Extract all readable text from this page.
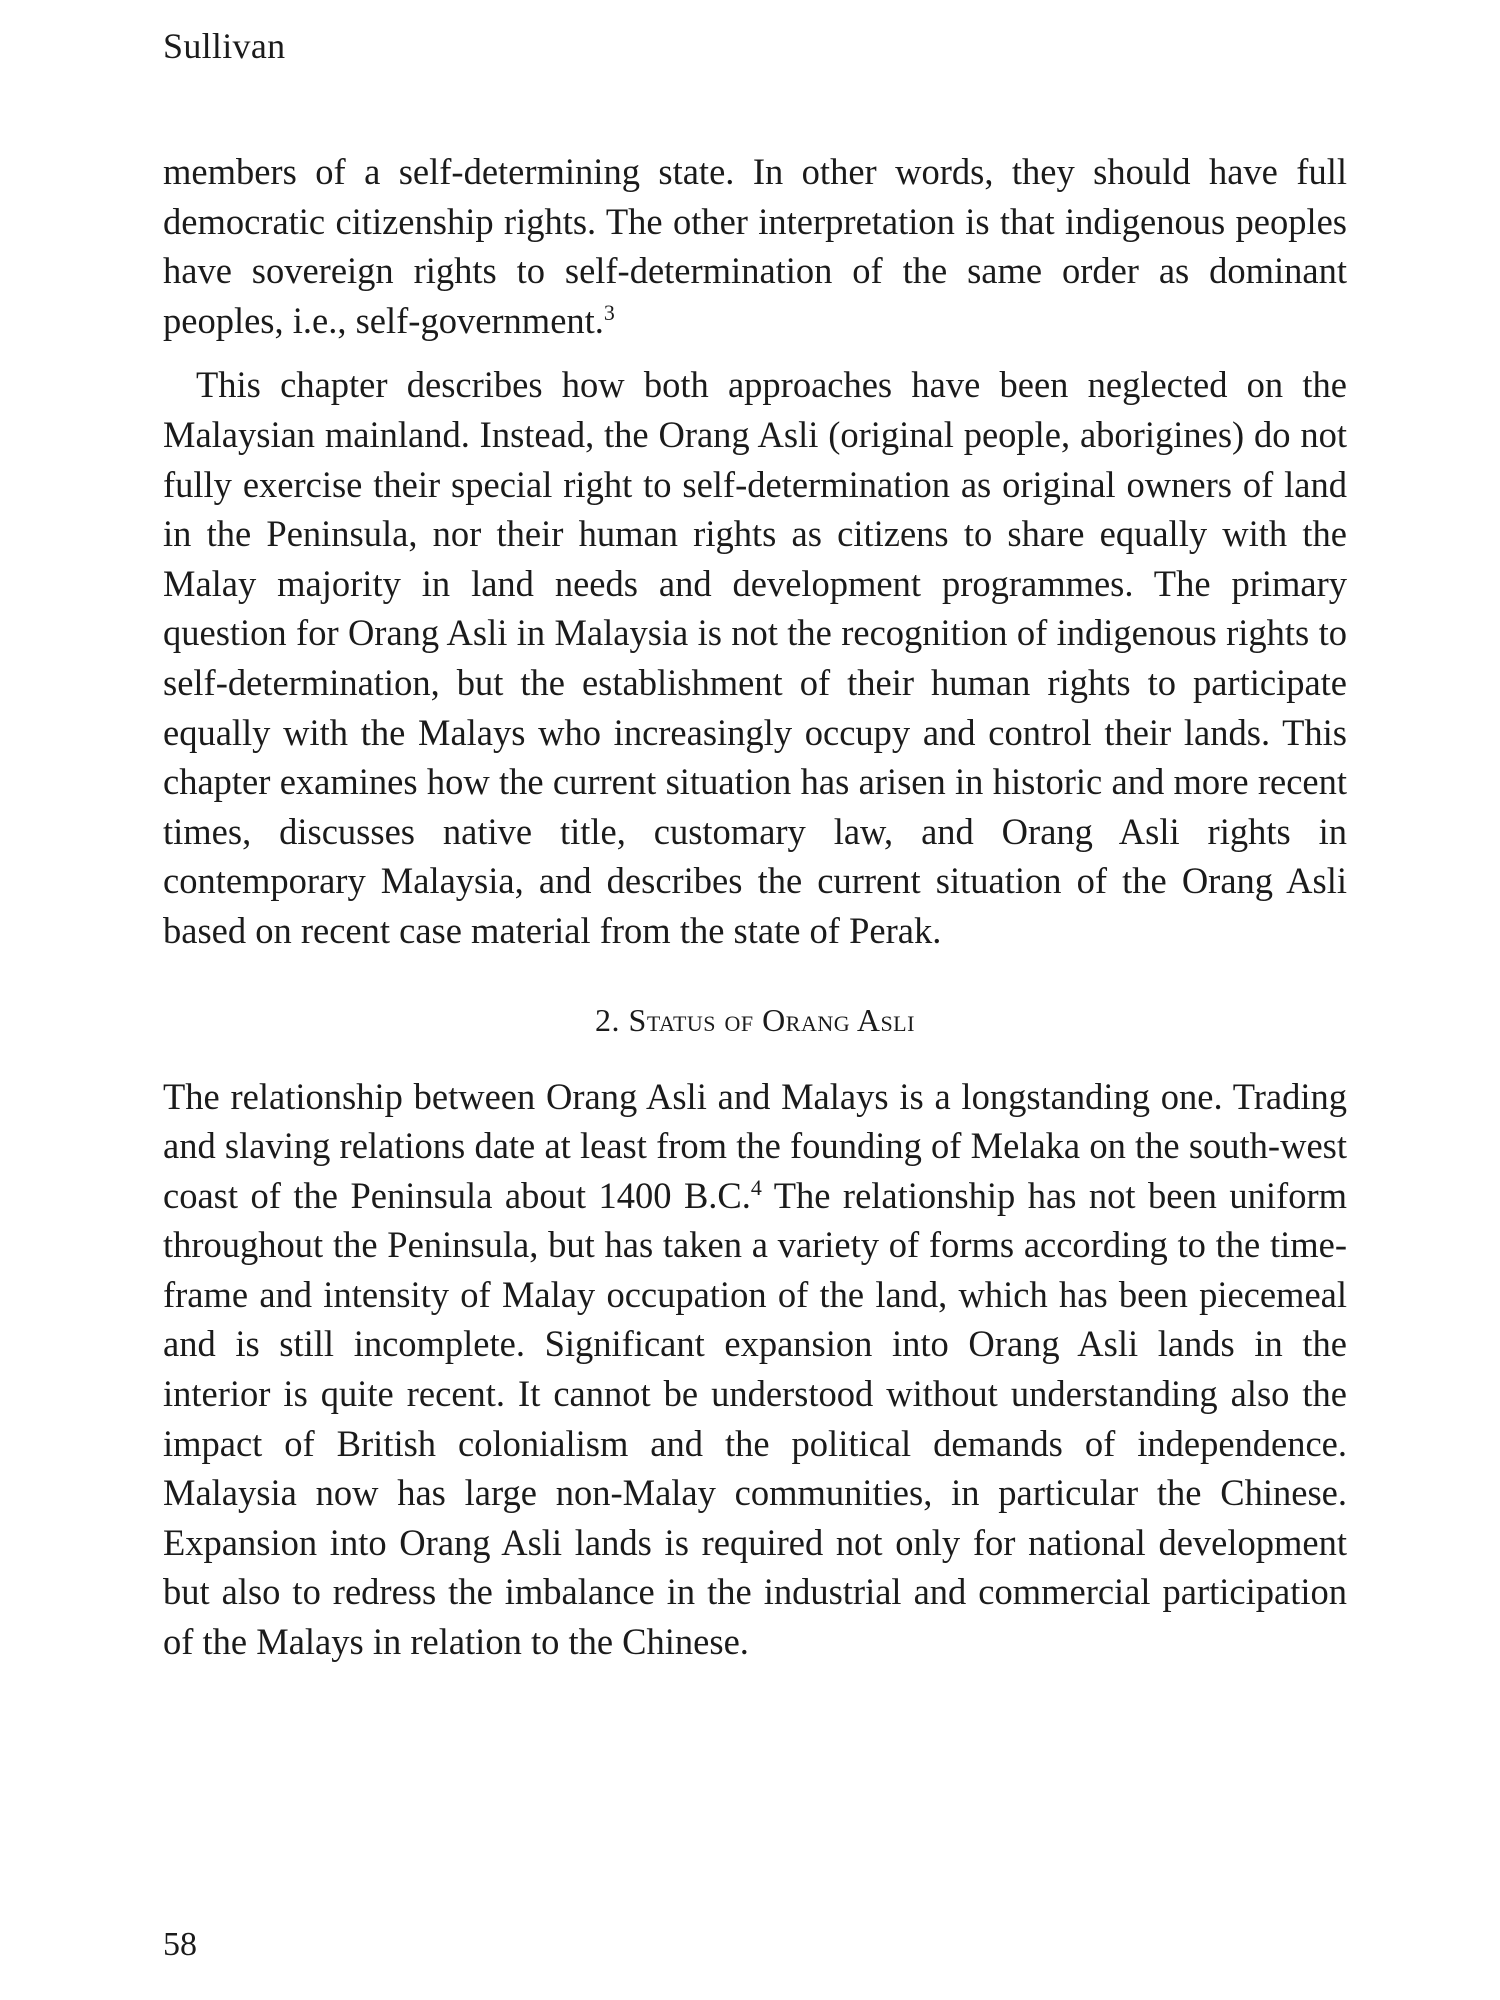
Sullivan

members of a self-determining state. In other words, they should have full democratic citizenship rights. The other interpretation is that indigenous peoples have sovereign rights to self-determination of the same order as dominant peoples, i.e., self-government.$^3$

This chapter describes how both approaches have been neglected on the Malaysian mainland. Instead, the Orang Asli (original people, aborigines) do not fully exercise their special right to self-determination as original owners of land in the Peninsula, nor their human rights as citizens to share equally with the Malay majority in land needs and development programmes. The primary question for Orang Asli in Malaysia is not the recognition of indigenous rights to self-determination, but the establishment of their human rights to participate equally with the Malays who increasingly occupy and control their lands. This chapter examines how the current situation has arisen in historic and more recent times, discusses native title, customary law, and Orang Asli rights in contemporary Malaysia, and describes the current situation of the Orang Asli based on recent case material from the state of Perak.

2. Status of Orang Asli

The relationship between Orang Asli and Malays is a longstanding one. Trading and slaving relations date at least from the founding of Melaka on the south-west coast of the Peninsula about 1400 B.C.$^4$ The relationship has not been uniform throughout the Peninsula, but has taken a variety of forms according to the time-frame and intensity of Malay occupation of the land, which has been piecemeal and is still incomplete. Significant expansion into Orang Asli lands in the interior is quite recent. It cannot be understood without understanding also the impact of British colonialism and the political demands of independence. Malaysia now has large non-Malay communities, in particular the Chinese. Expansion into Orang Asli lands is required not only for national development but also to redress the imbalance in the industrial and commercial participation of the Malays in relation to the Chinese.

58
